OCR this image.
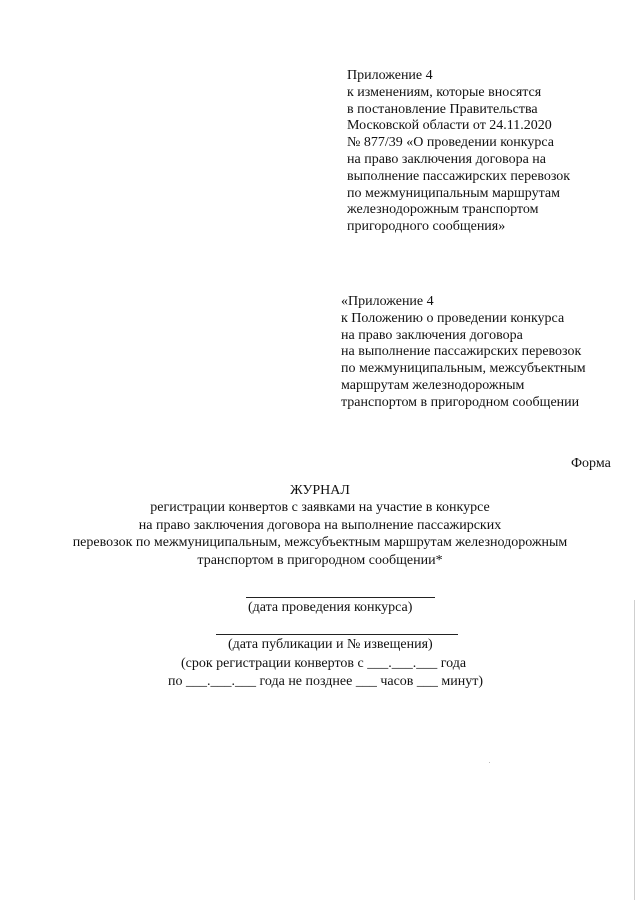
Приложение 4
к изменениям, которые вносятся
в постановление Правительства
Московской области от 24.11.2020
№ 877/39 «О проведении конкурса
на право заключения договора на
выполнение пассажирских перевозок
по межмуниципальным маршрутам
железнодорожным транспортом
пригородного сообщения»
«Приложение 4
к Положению о проведении конкурса
на право заключения договора
на выполнение пассажирских перевозок
по межмуниципальным, межсубъектным
маршрутам железнодорожным
транспортом в пригородном сообщении
Форма
ЖУРНАЛ
регистрации конвертов с заявками на участие в конкурсе
на право заключения договора на выполнение пассажирских
перевозок по межмуниципальным, межсубъектным маршрутам железнодорожным
транспортом в пригородном сообщении*
(дата проведения конкурса)
(дата публикации и № извещения)
(срок регистрации конвертов с ___.___.___ года
по ___.___.___ года не позднее ___ часов ___ минут)
